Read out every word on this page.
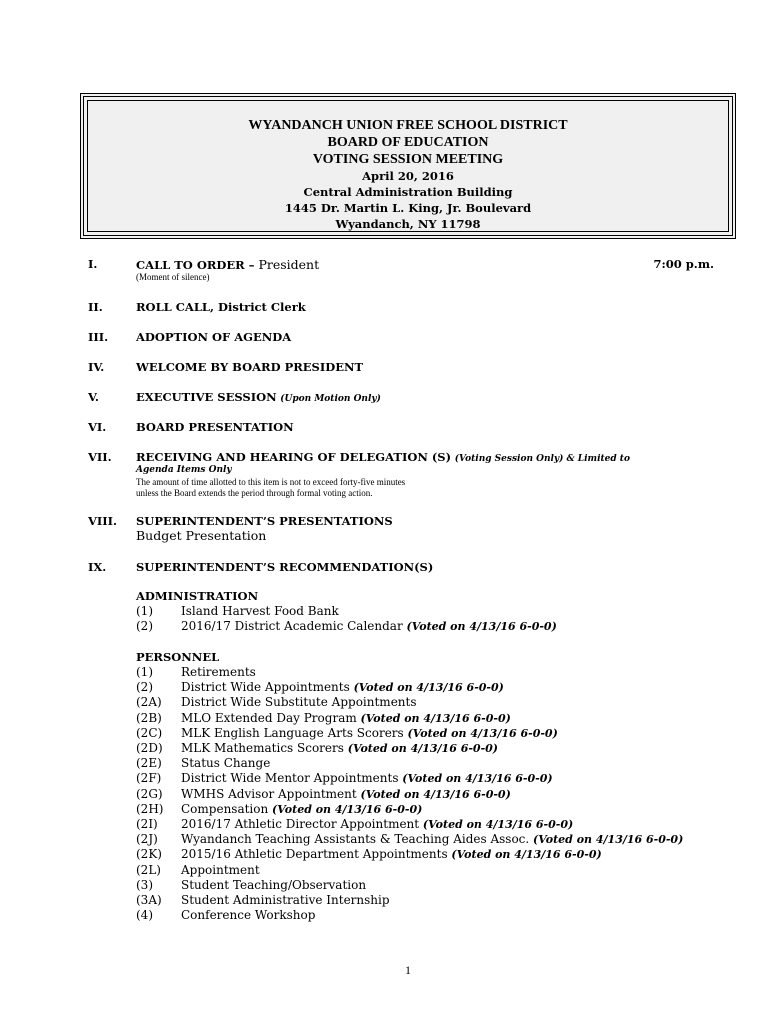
WYANDANCH UNION FREE SCHOOL DISTRICT
BOARD OF EDUCATION
VOTING SESSION MEETING
April 20, 2016
Central Administration Building
1445 Dr. Martin L. King, Jr. Boulevard
Wyandanch, NY 11798
I.	CALL TO ORDER – President	7:00 p.m.
(Moment of silence)
II.	ROLL CALL, District Clerk
III. ADOPTION OF AGENDA
IV.	WELCOME BY BOARD PRESIDENT
V.	EXECUTIVE SESSION (Upon Motion Only)
VI.	BOARD PRESENTATION
VII. RECEIVING AND HEARING OF DELEGATION (S) (Voting Session Only) & Limited to
Agenda Items Only
The amount of time allotted to this item is not to exceed forty-five minutes
unless the Board extends the period through formal voting action.
VIII. SUPERINTENDENT’S PRESENTATIONS
Budget Presentation
IX.	SUPERINTENDENT’S RECOMMENDATION(S)
ADMINISTRATION
(1) Island Harvest Food Bank
(2) 2016/17 District Academic Calendar (Voted on 4/13/16 6-0-0)
PERSONNEL
(1) Retirements
(2) District Wide Appointments (Voted on 4/13/16 6-0-0)
(2A) District Wide Substitute Appointments
(2B) MLO Extended Day Program (Voted on 4/13/16 6-0-0)
(2C) MLK English Language Arts Scorers (Voted on 4/13/16 6-0-0)
(2D) MLK Mathematics Scorers (Voted on 4/13/16 6-0-0)
(2E) Status Change
(2F) District Wide Mentor Appointments (Voted on 4/13/16 6-0-0)
(2G) WMHS Advisor Appointment (Voted on 4/13/16 6-0-0)
(2H) Compensation (Voted on 4/13/16 6-0-0)
(2I) 2016/17 Athletic Director Appointment (Voted on 4/13/16 6-0-0)
(2J) Wyandanch Teaching Assistants & Teaching Aides Assoc. (Voted on 4/13/16 6-0-0)
(2K) 2015/16 Athletic Department Appointments (Voted on 4/13/16 6-0-0)
(2L) Appointment
(3) Student Teaching/Observation
(3A) Student Administrative Internship
(4) Conference Workshop
1
